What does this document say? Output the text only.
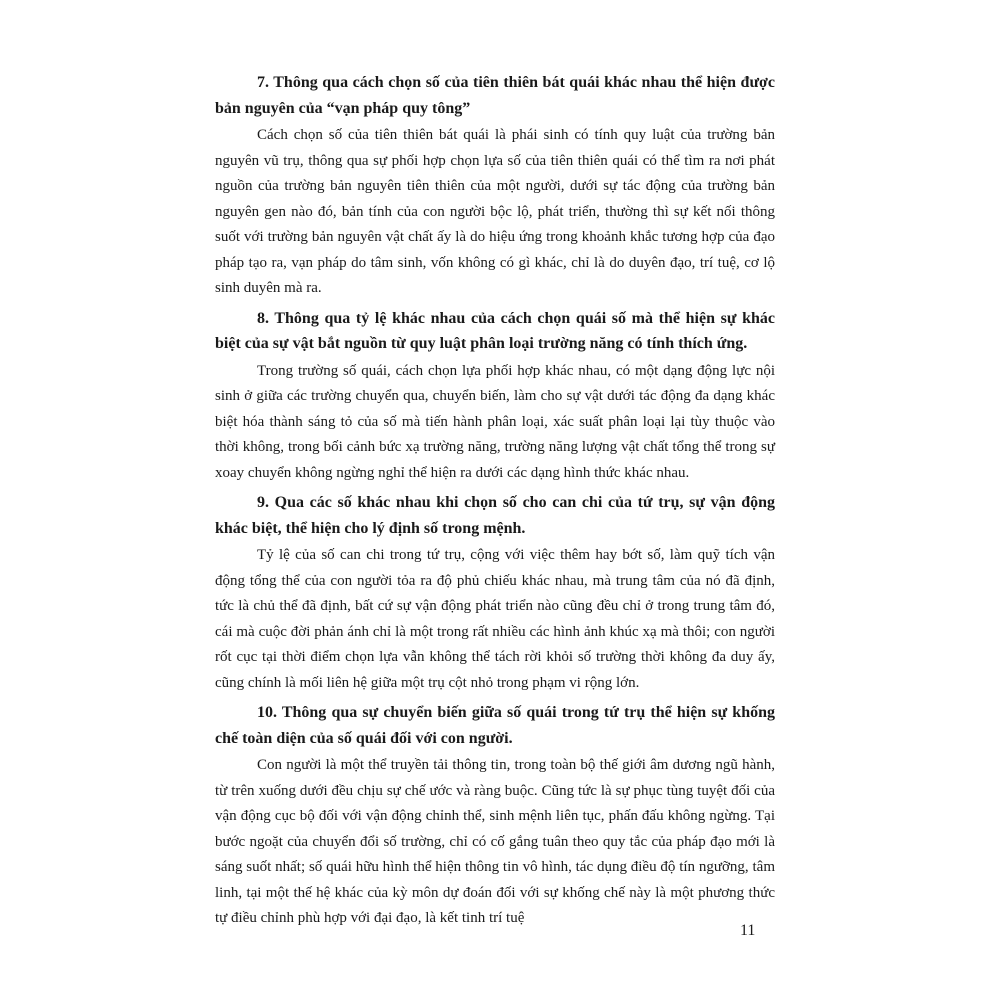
7. Thông qua cách chọn số của tiên thiên bát quái khác nhau thể hiện được bản nguyên của “vạn pháp quy tông”

Cách chọn số của tiên thiên bát quái là phái sinh có tính quy luật của trường bản nguyên vũ trụ, thông qua sự phối hợp chọn lựa số của tiên thiên quái có thể tìm ra nơi phát nguồn của trường bản nguyên tiên thiên của một người, dưới sự tác động của trường bản nguyên gen nào đó, bản tính của con người bộc lộ, phát triển, thường thì sự kết nối thông suốt với trường bản nguyên vật chất ấy là do hiệu ứng trong khoảnh khắc tương hợp của đạo pháp tạo ra, vạn pháp do tâm sinh, vốn không có gì khác, chỉ là do duyên đạo, trí tuệ, cơ lộ sinh duyên mà ra.

8. Thông qua tỷ lệ khác nhau của cách chọn quái số mà thể hiện sự khác biệt của sự vật bắt nguồn từ quy luật phân loại trường năng có tính thích ứng.

Trong trường số quái, cách chọn lựa phối hợp khác nhau, có một dạng động lực nội sinh ở giữa các trường chuyển qua, chuyển biến, làm cho sự vật dưới tác động đa dạng khác biệt hóa thành sáng tỏ của số mà tiến hành phân loại, xác suất phân loại lại tùy thuộc vào thời không, trong bối cảnh bức xạ trường năng, trường năng lượng vật chất tổng thể trong sự xoay chuyển không ngừng nghỉ thể hiện ra dưới các dạng hình thức khác nhau.

9. Qua các số khác nhau khi chọn số cho can chi của tứ trụ, sự vận động khác biệt, thể hiện cho lý định số trong mệnh.

Tỷ lệ của số can chi trong tứ trụ, cộng với việc thêm hay bớt số, làm quỹ tích vận động tổng thể của con người tỏa ra độ phủ chiếu khác nhau, mà trung tâm của nó đã định, tức là chủ thể đã định, bất cứ sự vận động phát triển nào cũng đều chỉ ở trong trung tâm đó, cái mà cuộc đời phản ánh chỉ là một trong rất nhiều các hình ảnh khúc xạ mà thôi; con người rốt cục tại thời điểm chọn lựa vẫn không thể tách rời khỏi số trường thời không đa duy ấy, cũng chính là mối liên hệ giữa một trụ cột nhỏ trong phạm vi rộng lớn.

10. Thông qua sự chuyển biến giữa số quái trong tứ trụ thể hiện sự khống chế toàn diện của số quái đối với con người.

Con người là một thể truyền tải thông tin, trong toàn bộ thế giới âm dương ngũ hành, từ trên xuống dưới đều chịu sự chế ước và ràng buộc. Cũng tức là sự phục tùng tuyệt đối của vận động cục bộ đối với vận động chỉnh thể, sinh mệnh liên tục, phấn đấu không ngừng. Tại bước ngoặt của chuyển đổi số trường, chỉ có cố gắng tuân theo quy tắc của pháp đạo mới là sáng suốt nhất; số quái hữu hình thể hiện thông tin vô hình, tác dụng điều độ tín ngưỡng, tâm linh, tại một thế hệ khác của kỳ môn dự đoán đối với sự khống chế này là một phương thức tự điều chỉnh phù hợp với đại đạo, là kết tinh trí tuệ

11
